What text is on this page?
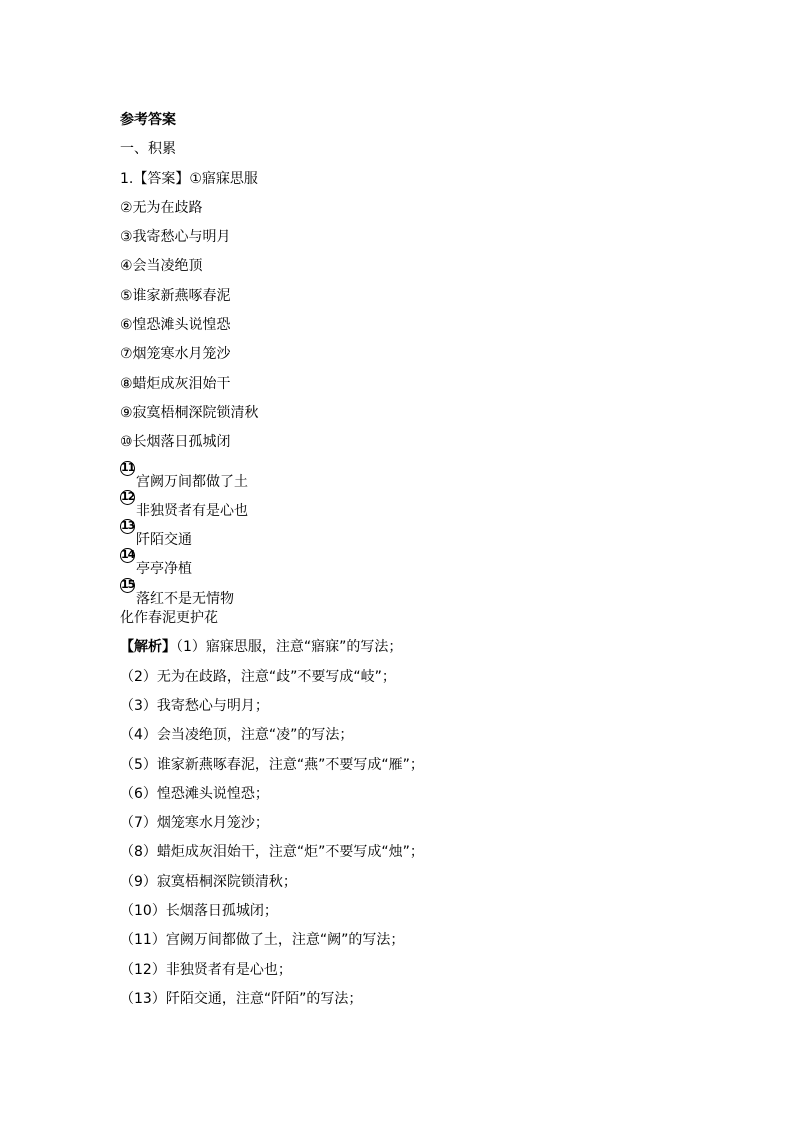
参考答案
一、积累
1.【答案】①寤寐思服
②无为在歧路
③我寄愁心与明月
④会当凌绝顶
⑤谁家新燕啄春泥
⑥惶恐滩头说惶恐
⑦烟笼寒水月笼沙
⑧蜡炬成灰泪始干
⑨寂寞梧桐深院锁清秋
⑩长烟落日孤城闭
11
宫阙万间都做了土
12
非独贤者有是心也
13
阡陌交通
14
亭亭净植
15
落红不是无情物
化作春泥更护花
【解析】（1）寤寐思服，注意“寤寐”的写法；
（2）无为在歧路，注意“歧”不要写成“岐”；
（3）我寄愁心与明月；
（4）会当凌绝顶，注意“凌”的写法；
（5）谁家新燕啄春泥，注意“燕”不要写成“雁”；
（6）惶恐滩头说惶恐；
（7）烟笼寒水月笼沙；
（8）蜡炬成灰泪始干，注意“炬”不要写成“烛”；
（9）寂寞梧桐深院锁清秋；
（10）长烟落日孤城闭；
（11）宫阙万间都做了土，注意“阙”的写法；
（12）非独贤者有是心也；
（13）阡陌交通，注意“阡陌”的写法；
